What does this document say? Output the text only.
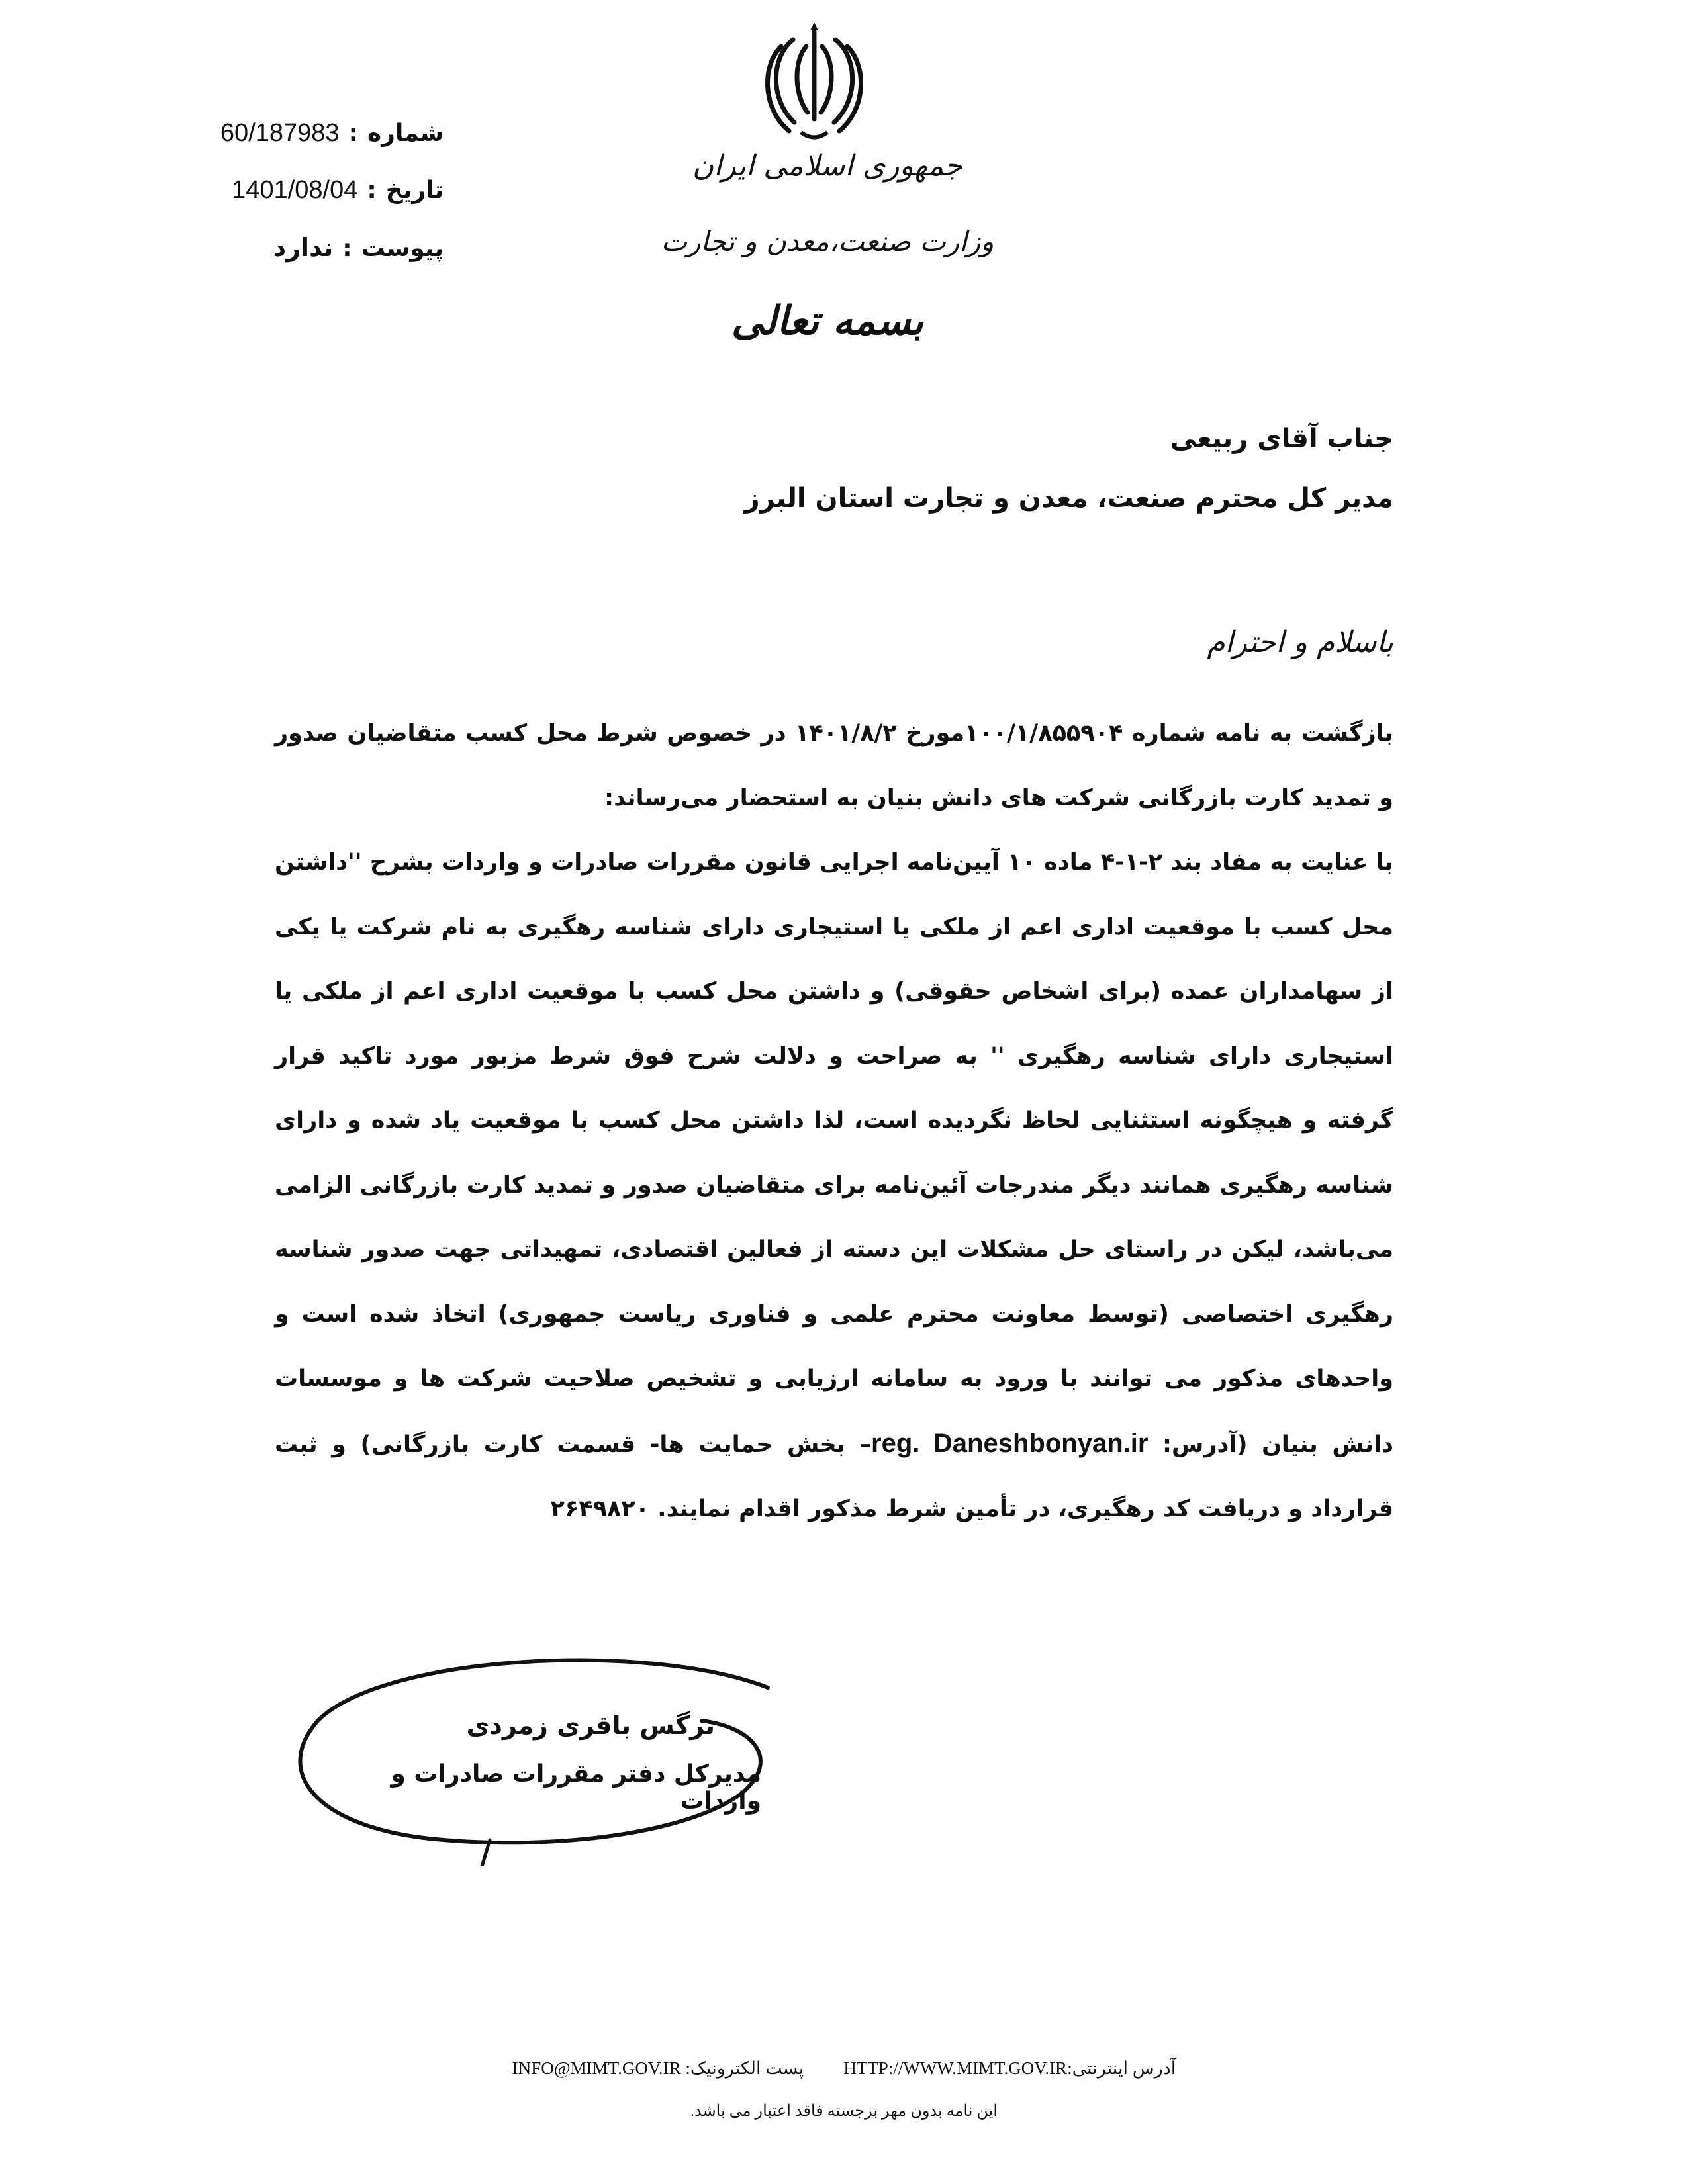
شماره
:
60/187983
تاریخ
:
1401/08/04
پیوست
:
ندارد
جمهوری اسلامی ایران
وزارت صنعت،معدن و تجارت
بسمه تعالی
جناب آقای ربیعی
مدیر کل محترم صنعت، معدن و تجارت استان البرز
باسلام و احترام

بازگشت به نامه شماره ۱۰۰/۱/۸۵۵۹۰۴مورخ ۱۴۰۱/۸/۲ در خصوص شرط محل کسب متقاضیان صدور و تمدید کارت بازرگانی شرکت های دانش بنیان به استحضار می‌رساند:

با عنایت به مفاد بند ۲-۱-۴ ماده ۱۰ آیین‌نامه اجرایی قانون مقررات صادرات و واردات بشرح ''داشتن محل کسب با موقعیت اداری اعم از ملکی یا استیجاری دارای شناسه رهگیری به نام شرکت یا یکی از سهامداران عمده (برای اشخاص حقوقی) و داشتن محل کسب با موقعیت اداری اعم از ملکی یا استیجاری دارای شناسه رهگیری '' به صراحت و دلالت شرح فوق شرط مزبور مورد تاکید قرار گرفته و هیچگونه استثنایی لحاظ نگردیده است، لذا داشتن محل کسب با موقعیت یاد شده و دارای شناسه رهگیری همانند دیگر مندرجات آئین‌نامه برای متقاضیان صدور و تمدید کارت بازرگانی الزامی می‌باشد، لیکن در راستای حل مشکلات این دسته از فعالین اقتصادی، تمهیداتی جهت صدور شناسه رهگیری اختصاصی (توسط معاونت محترم علمی و فناوری ریاست جمهوری) اتخاذ شده است و واحدهای مذکور می توانند با ورود به سامانه ارزیابی و تشخیص صلاحیت شرکت ها و موسسات دانش بنیان (آدرس: reg. Daneshbonyan.ir– بخش حمایت ها- قسمت کارت بازرگانی) و ثبت قرارداد و دریافت کد رهگیری، در تأمین شرط مذکور اقدام نمایند. ۲۶۴۹۸۲۰

نرگس باقری زمردی
مدیرکل دفتر مقررات صادرات و واردات
INFO@MIMT.GOV.IR :پست الکترونیک HTTP://WWW.MIMT.GOV.IR:آدرس اینترنتی
این نامه بدون مهر برجسته فاقد اعتبار می باشد.
